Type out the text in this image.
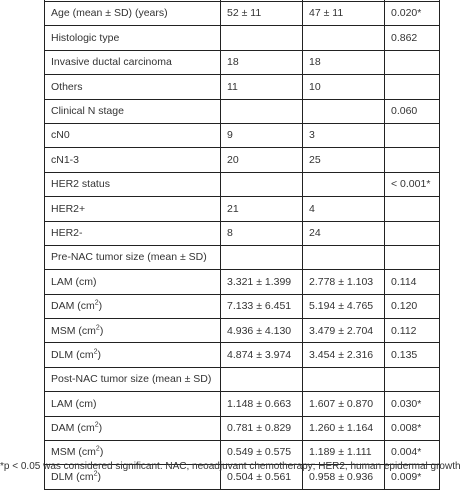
Age (mean ± SD) (years)	52 ± 11	47 ± 11	0.020*
Histologic type			0.862
Invasive ductal carcinoma	18	18	
Others	11	10	
Clinical N stage			0.060
cN0	9	3	
cN1-3	20	25	
HER2 status			< 0.001*
HER2+	21	4	
HER2-	8	24	
Pre-NAC tumor size (mean ± SD)			
LAM (cm)	3.321 ± 1.399	2.778 ± 1.103	0.114
DAM $(cm^2)$	7.133 ± 6.451	5.194 ± 4.765	0.120
MSM $(cm^2)$	4.936 ± 4.130	3.479 ± 2.704	0.112
DLM $(cm^2)$	4.874 ± 3.974	3.454 ± 2.316	0.135
Post-NAC tumor size (mean ± SD)			
LAM (cm)	1.148 ± 0.663	1.607 ± 0.870	0.030*
DAM $(cm^2)$	0.781 ± 0.829	1.260 ± 1.164	0.008*
MSM $(cm^2)$	0.549 ± 0.575	1.189 ± 1.111	0.004*
DLM $(cm^2)$	0.504 ± 0.561	0.958 ± 0.936	0.009*
*p < 0.05 was considered significant. NAC, neoadjuvant chemotherapy; HER2, human epidermal growth
